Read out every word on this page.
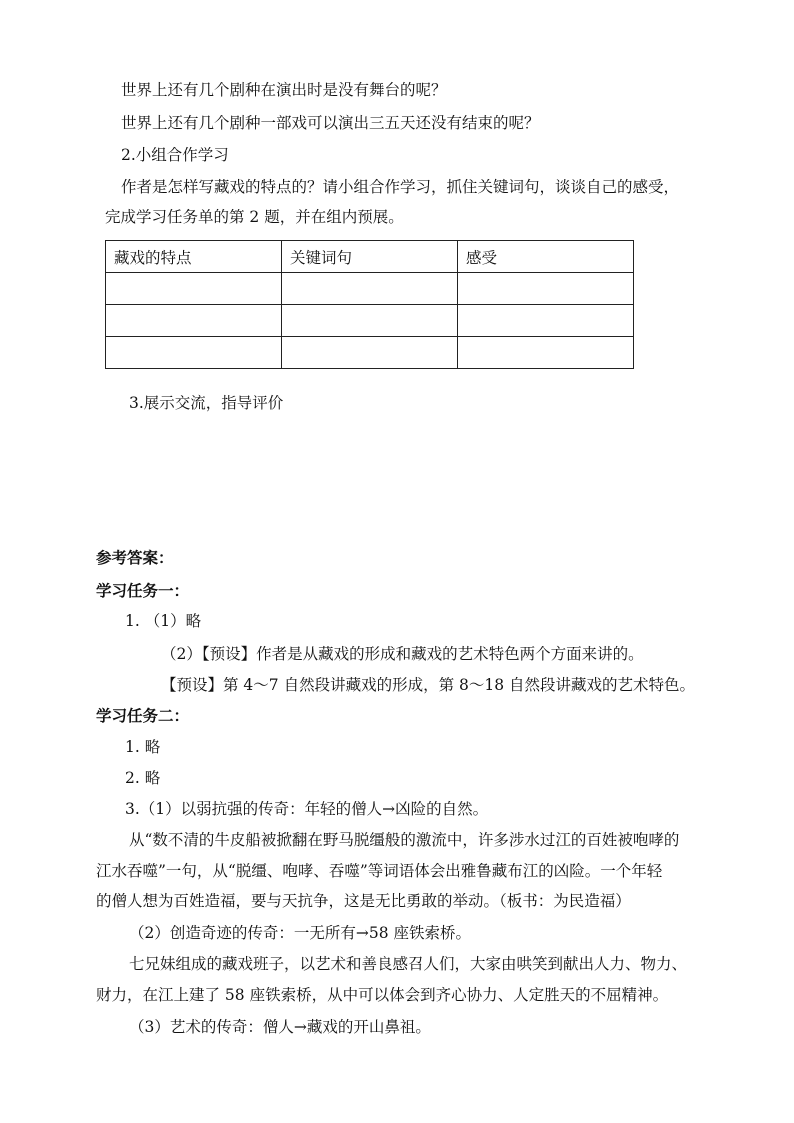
世界上还有几个剧种在演出时是没有舞台的呢？
世界上还有几个剧种一部戏可以演出三五天还没有结束的呢？
2.小组合作学习
作者是怎样写藏戏的特点的？请小组合作学习，抓住关键词句，谈谈自己的感受，
完成学习任务单的第 2 题，并在组内预展。
藏戏的特点	关键词句	感受

3.展示交流，指导评价
参考答案：
学习任务一：
1. （1）略
（2）【预设】作者是从藏戏的形成和藏戏的艺术特色两个方面来讲的。
【预设】第 4～7 自然段讲藏戏的形成，第 8～18 自然段讲藏戏的艺术特色。
学习任务二：
1. 略
2. 略
3.（1）以弱抗强的传奇：年轻的僧人→凶险的自然。
从“数不清的牛皮船被掀翻在野马脱缰般的激流中，许多涉水过江的百姓被咆哮的
江水吞噬”一句，从“脱缰、咆哮、吞噬”等词语体会出雅鲁藏布江的凶险。一个年轻
的僧人想为百姓造福，要与天抗争，这是无比勇敢的举动。（板书：为民造福）
（2）创造奇迹的传奇：一无所有→58 座铁索桥。
七兄妹组成的藏戏班子，以艺术和善良感召人们，大家由哄笑到献出人力、物力、
财力，在江上建了 58 座铁索桥，从中可以体会到齐心协力、人定胜天的不屈精神。
（3）艺术的传奇：僧人→藏戏的开山鼻祖。
